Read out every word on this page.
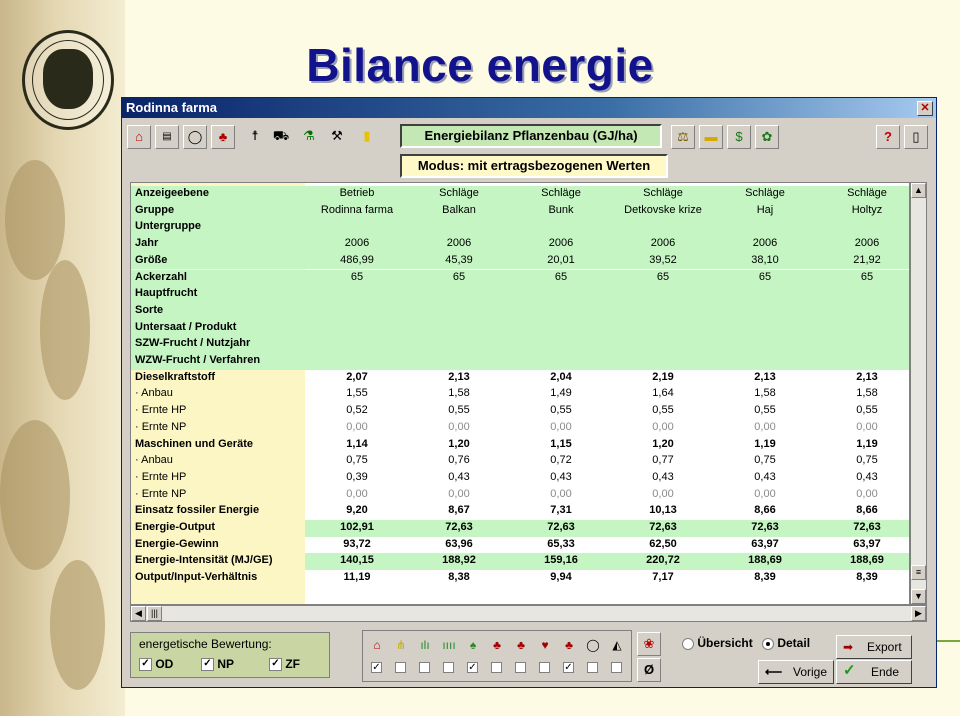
Bilance energie
Rodinna farma	✕
⌂	▤	◯	♣	☨	⛟	⚗	⚒	▮	Energiebilanz Pflanzenbau (GJ/ha)	⚖	▬	$	✿	?	▯
Modus: mit ertragsbezogenen Werten
Anzeigeebene	Betrieb	Schläge	Schläge	Schläge	Schläge	Schläge
Gruppe	Rodinna farma	Balkan	Bunk	Detkovske krize	Haj	Holtyz
Untergruppe
Jahr	2006	2006	2006	2006	2006	2006
Größe	486,99	45,39	20,01	39,52	38,10	21,92
Ackerzahl	65	65	65	65	65	65
Hauptfrucht
Sorte
Untersaat / Produkt
SZW-Frucht / Nutzjahr
WZW-Frucht / Verfahren
Dieselkraftstoff	2,07	2,13	2,04	2,19	2,13	2,13
· Anbau	1,55	1,58	1,49	1,64	1,58	1,58
· Ernte HP	0,52	0,55	0,55	0,55	0,55	0,55
· Ernte NP	0,00	0,00	0,00	0,00	0,00	0,00
Maschinen und Geräte	1,14	1,20	1,15	1,20	1,19	1,19
· Anbau	0,75	0,76	0,72	0,77	0,75	0,75
· Ernte HP	0,39	0,43	0,43	0,43	0,43	0,43
· Ernte NP	0,00	0,00	0,00	0,00	0,00	0,00
Einsatz fossiler Energie	9,20	8,67	7,31	10,13	8,66	8,66
Energie-Output	102,91	72,63	72,63	72,63	72,63	72,63
Energie-Gewinn	93,72	63,96	65,33	62,50	63,97	63,97
Energie-Intensität (MJ/GE)	140,15	188,92	159,16	220,72	188,69	188,69
Output/Input-Verhältnis	11,19	8,38	9,94	7,17	8,39	8,39
▲
≡
▼
◀	|||	▶
energetische Bewertung:
✓ OD	✓ NP	✓ ZF
⌂	⋔	ılı	ıııı	♠	♣	♣	♥	♣	◯	◭
✓	✓	✓
❀
Ø
Übersicht	Detail	➡ Export
⟵ Vorige ✓ Ende
